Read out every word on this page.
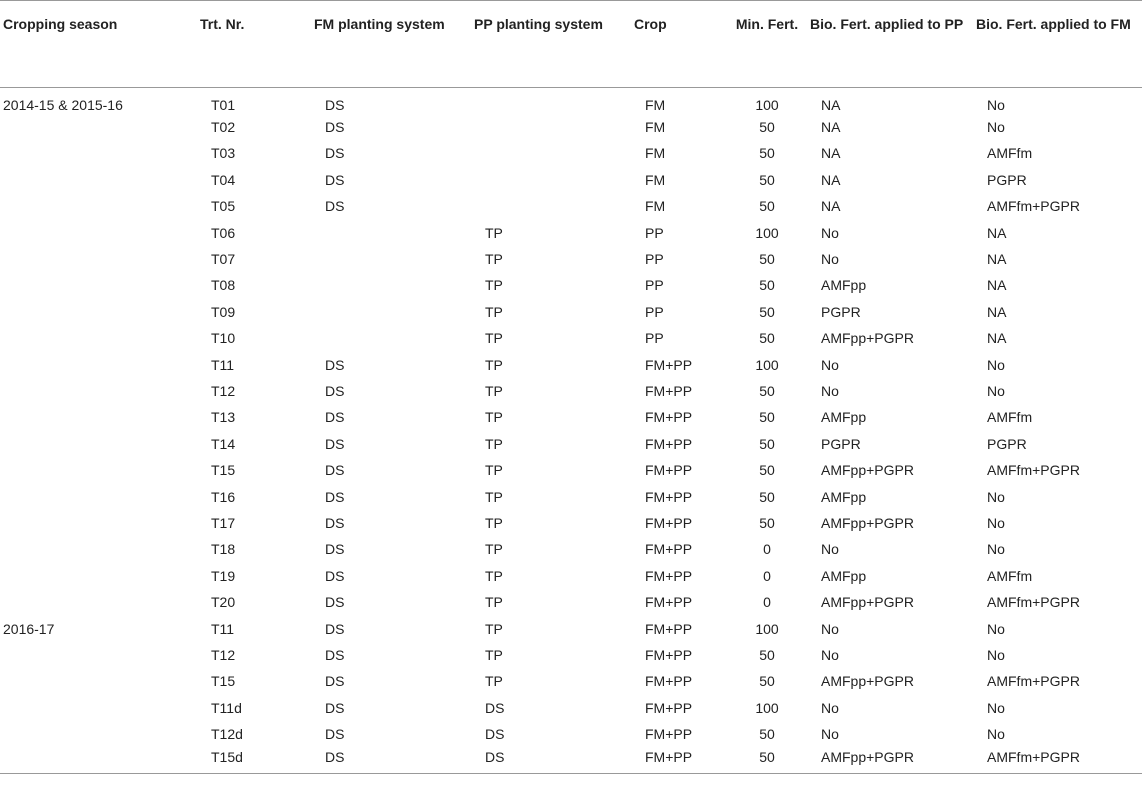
Cropping season	Trt. Nr.	FM planting system	PP planting system	Crop	Min. Fert.	Bio. Fert. applied to PP	Bio. Fert. applied to FM
2014-15 & 2015-16	T01	DS		FM	100	NA	No
	T02	DS		FM	50	NA	No
	T03	DS		FM	50	NA	AMFfm
	T04	DS		FM	50	NA	PGPR
	T05	DS		FM	50	NA	AMFfm+PGPR
	T06		TP	PP	100	No	NA
	T07		TP	PP	50	No	NA
	T08		TP	PP	50	AMFpp	NA
	T09		TP	PP	50	PGPR	NA
	T10		TP	PP	50	AMFpp+PGPR	NA
	T11	DS	TP	FM+PP	100	No	No
	T12	DS	TP	FM+PP	50	No	No
	T13	DS	TP	FM+PP	50	AMFpp	AMFfm
	T14	DS	TP	FM+PP	50	PGPR	PGPR
	T15	DS	TP	FM+PP	50	AMFpp+PGPR	AMFfm+PGPR
	T16	DS	TP	FM+PP	50	AMFpp	No
	T17	DS	TP	FM+PP	50	AMFpp+PGPR	No
	T18	DS	TP	FM+PP	0	No	No
	T19	DS	TP	FM+PP	0	AMFpp	AMFfm
	T20	DS	TP	FM+PP	0	AMFpp+PGPR	AMFfm+PGPR
2016-17	T11	DS	TP	FM+PP	100	No	No
	T12	DS	TP	FM+PP	50	No	No
	T15	DS	TP	FM+PP	50	AMFpp+PGPR	AMFfm+PGPR
	T11d	DS	DS	FM+PP	100	No	No
	T12d	DS	DS	FM+PP	50	No	No
	T15d	DS	DS	FM+PP	50	AMFpp+PGPR	AMFfm+PGPR
